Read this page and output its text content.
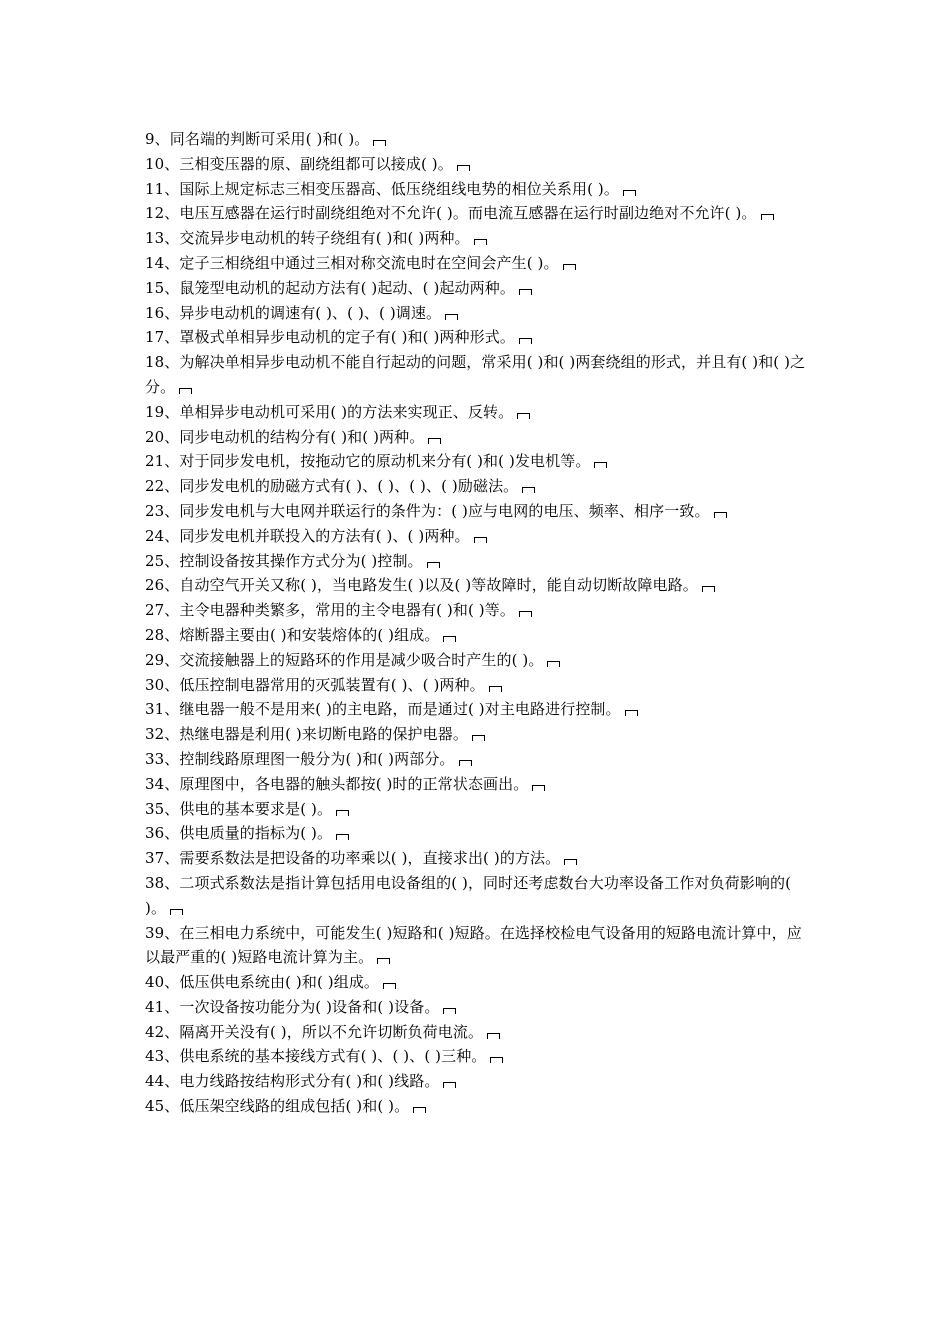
9、同名端的判断可采用( )和( )。
10、三相变压器的原、副绕组都可以接成( )。
11、国际上规定标志三相变压器高、低压绕组线电势的相位关系用( )。
12、电压互感器在运行时副绕组绝对不允许( )。而电流互感器在运行时副边绝对不允许( )。
13、交流异步电动机的转子绕组有( )和( )两种。
14、定子三相绕组中通过三相对称交流电时在空间会产生( )。
15、鼠笼型电动机的起动方法有( )起动、( )起动两种。
16、异步电动机的调速有( )、( )、( )调速。
17、罩极式单相异步电动机的定子有( )和( )两种形式。
18、为解决单相异步电动机不能自行起动的问题，常采用( )和( )两套绕组的形式，并且有( )和( )之分。
19、单相异步电动机可采用( )的方法来实现正、反转。
20、同步电动机的结构分有( )和( )两种。
21、对于同步发电机，按拖动它的原动机来分有( )和( )发电机等。
22、同步发电机的励磁方式有( )、( )、( )、( )励磁法。
23、同步发电机与大电网并联运行的条件为：( )应与电网的电压、频率、相序一致。
24、同步发电机并联投入的方法有( )、( )两种。
25、控制设备按其操作方式分为( )控制。
26、自动空气开关又称( )，当电路发生( )以及( )等故障时，能自动切断故障电路。
27、主令电器种类繁多，常用的主令电器有( )和( )等。
28、熔断器主要由( )和安装熔体的( )组成。
29、交流接触器上的短路环的作用是减少吸合时产生的( )。
30、低压控制电器常用的灭弧装置有( )、( )两种。
31、继电器一般不是用来( )的主电路，而是通过( )对主电路进行控制。
32、热继电器是利用( )来切断电路的保护电器。
33、控制线路原理图一般分为( )和( )两部分。
34、原理图中，各电器的触头都按( )时的正常状态画出。
35、供电的基本要求是( )。
36、供电质量的指标为( )。
37、需要系数法是把设备的功率乘以( )，直接求出( )的方法。
38、二项式系数法是指计算包括用电设备组的( )，同时还考虑数台大功率设备工作对负荷影响的( )。
39、在三相电力系统中，可能发生( )短路和( )短路。在选择校检电气设备用的短路电流计算中，应以最严重的( )短路电流计算为主。
40、低压供电系统由( )和( )组成。
41、一次设备按功能分为( )设备和( )设备。
42、隔离开关没有( )，所以不允许切断负荷电流。
43、供电系统的基本接线方式有( )、( )、( )三种。
44、电力线路按结构形式分有( )和( )线路。
45、低压架空线路的组成包括( )和( )。
